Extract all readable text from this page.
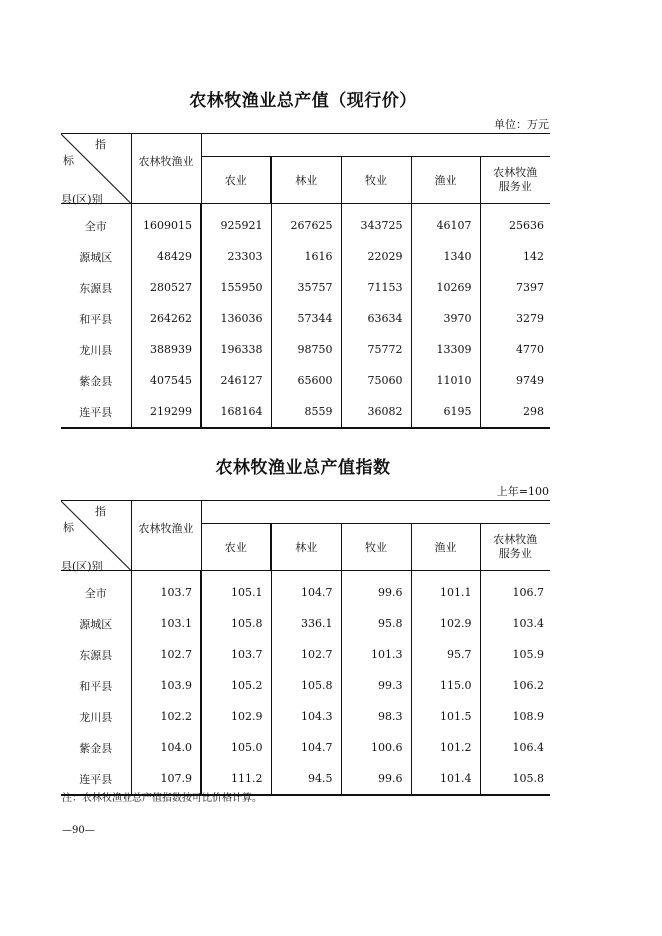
农林牧渔业总产值（现行价）
单位：万元
指
标
县(区)别	农林牧渔业					

		农业	林业	牧业	渔业	农林牧渔
服务业

全市	1609015	925921	267625	343725	46107	25636
源城区	48429	23303	1616	22029	1340	142
东源县	280527	155950	35757	71153	10269	7397
和平县	264262	136036	57344	63634	3970	3279
龙川县	388939	196338	98750	75772	13309	4770
紫金县	407545	246127	65600	75060	11010	9749
连平县	219299	168164	8559	36082	6195	298
农林牧渔业总产值指数
上年=100
指
标
县(区)别	农林牧渔业					

		农业	林业	牧业	渔业	农林牧渔
服务业

全市	103.7	105.1	104.7	99.6	101.1	106.7
源城区	103.1	105.8	336.1	95.8	102.9	103.4
东源县	102.7	103.7	102.7	101.3	95.7	105.9
和平县	103.9	105.2	105.8	99.3	115.0	106.2
龙川县	102.2	102.9	104.3	98.3	101.5	108.9
紫金县	104.0	105.0	104.7	100.6	101.2	106.4
连平县	107.9	111.2	94.5	99.6	101.4	105.8
注：农林牧渔业总产值指数按可比价格计算。
—90—
